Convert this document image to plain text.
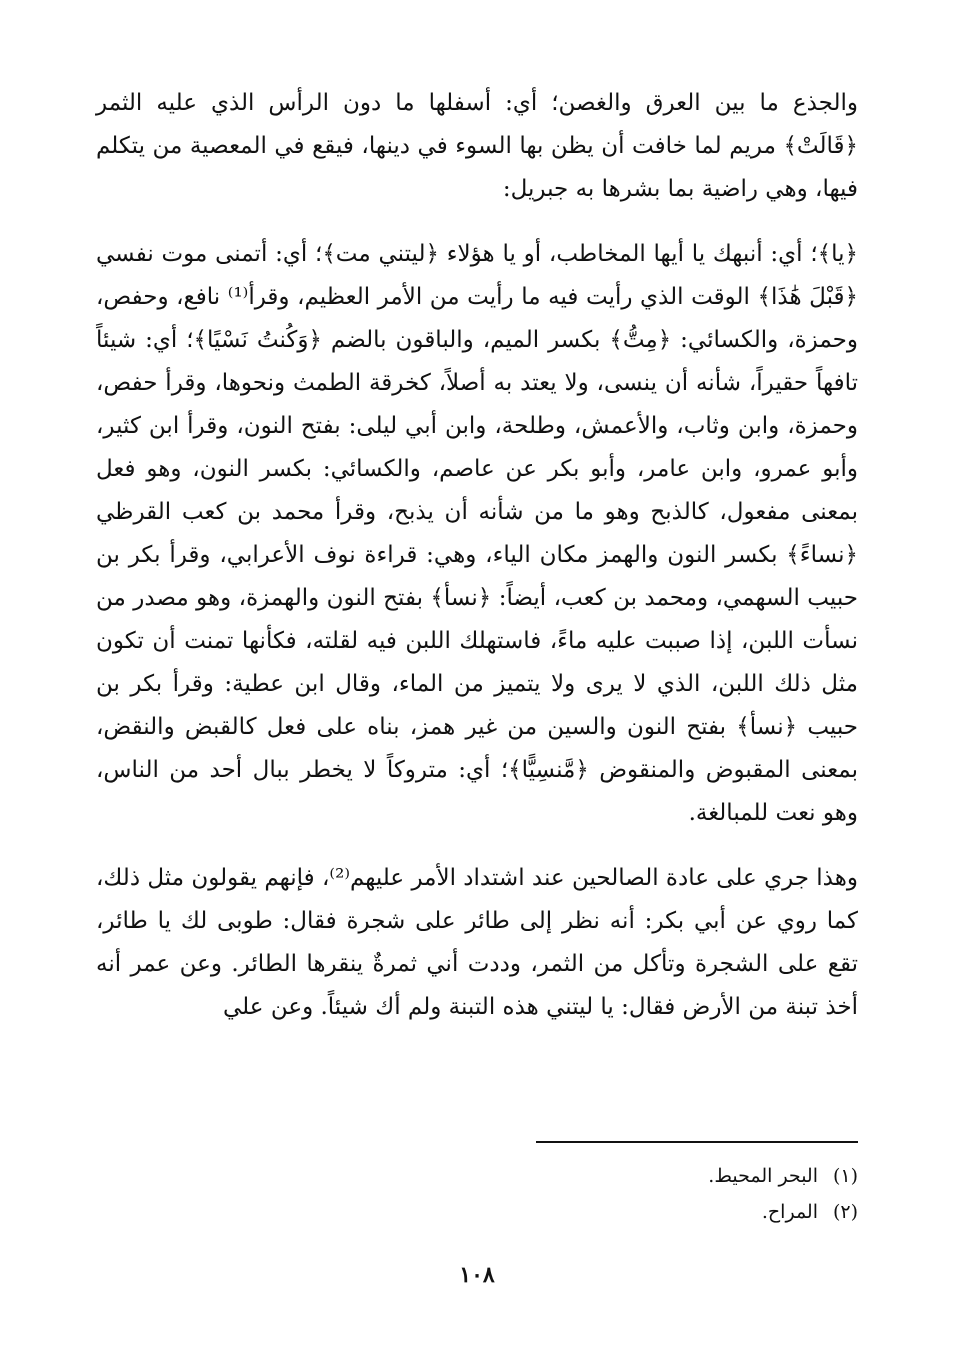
والجذع ما بين العرق والغصن؛ أي: أسفلها ما دون الرأس الذي عليه الثمر ﴿قَالَتْ﴾ مريم لما خافت أن يظن بها السوء في دينها، فيقع في المعصية من يتكلم فيها، وهي راضية بما بشرها به جبريل:

﴿يا﴾؛ أي: أنبهك يا أيها المخاطب، أو يا هؤلاء ﴿ليتني مت﴾؛ أي: أتمنى موت نفسي ﴿قَبْلَ هَٰذَا﴾ الوقت الذي رأيت فيه ما رأيت من الأمر العظيم، وقرأ⁽¹⁾ نافع، وحفص، وحمزة، والكسائي: ﴿مِتُّ﴾ بكسر الميم، والباقون بالضم ﴿وَكُنتُ نَسْيًا﴾؛ أي: شيئاً تافهاً حقيراً، شأنه أن ينسى، ولا يعتد به أصلاً، كخرقة الطمث ونحوها، وقرأ حفص، وحمزة، وابن وثاب، والأعمش، وطلحة، وابن أبي ليلى: بفتح النون، وقرأ ابن كثير، وأبو عمرو، وابن عامر، وأبو بكر عن عاصم، والكسائي: بكسر النون، وهو فعل بمعنى مفعول، كالذبح وهو ما من شأنه أن يذبح، وقرأ محمد بن كعب القرظي ﴿نساءً﴾ بكسر النون والهمز مكان الياء، وهي: قراءة نوف الأعرابي، وقرأ بكر بن حبيب السهمي، ومحمد بن كعب، أيضاً: ﴿نسأ﴾ بفتح النون والهمزة، وهو مصدر من نسأت اللبن، إذا صببت عليه ماءً، فاستهلك اللبن فيه لقلته، فكأنها تمنت أن تكون مثل ذلك اللبن، الذي لا يرى ولا يتميز من الماء، وقال ابن عطية: وقرأ بكر بن حبيب ﴿نسأ﴾ بفتح النون والسين من غير همز، بناه على فعل كالقبض والنقض، بمعنى المقبوض والمنقوض ﴿مَّنسِيًّا﴾؛ أي: متروكاً لا يخطر ببال أحد من الناس، وهو نعت للمبالغة.

وهذا جري على عادة الصالحين عند اشتداد الأمر عليهم⁽²⁾، فإنهم يقولون مثل ذلك، كما روي عن أبي بكر: أنه نظر إلى طائر على شجرة فقال: طوبى لك يا طائر، تقع على الشجرة وتأكل من الثمر، وددت أني ثمرةٌ ينقرها الطائر. وعن عمر أنه أخذ تبنة من الأرض فقال: يا ليتني هذه التبنة ولم أك شيئاً. وعن علي

(١)
البحر المحيط.
(٢)
المراح.
١٠٨
